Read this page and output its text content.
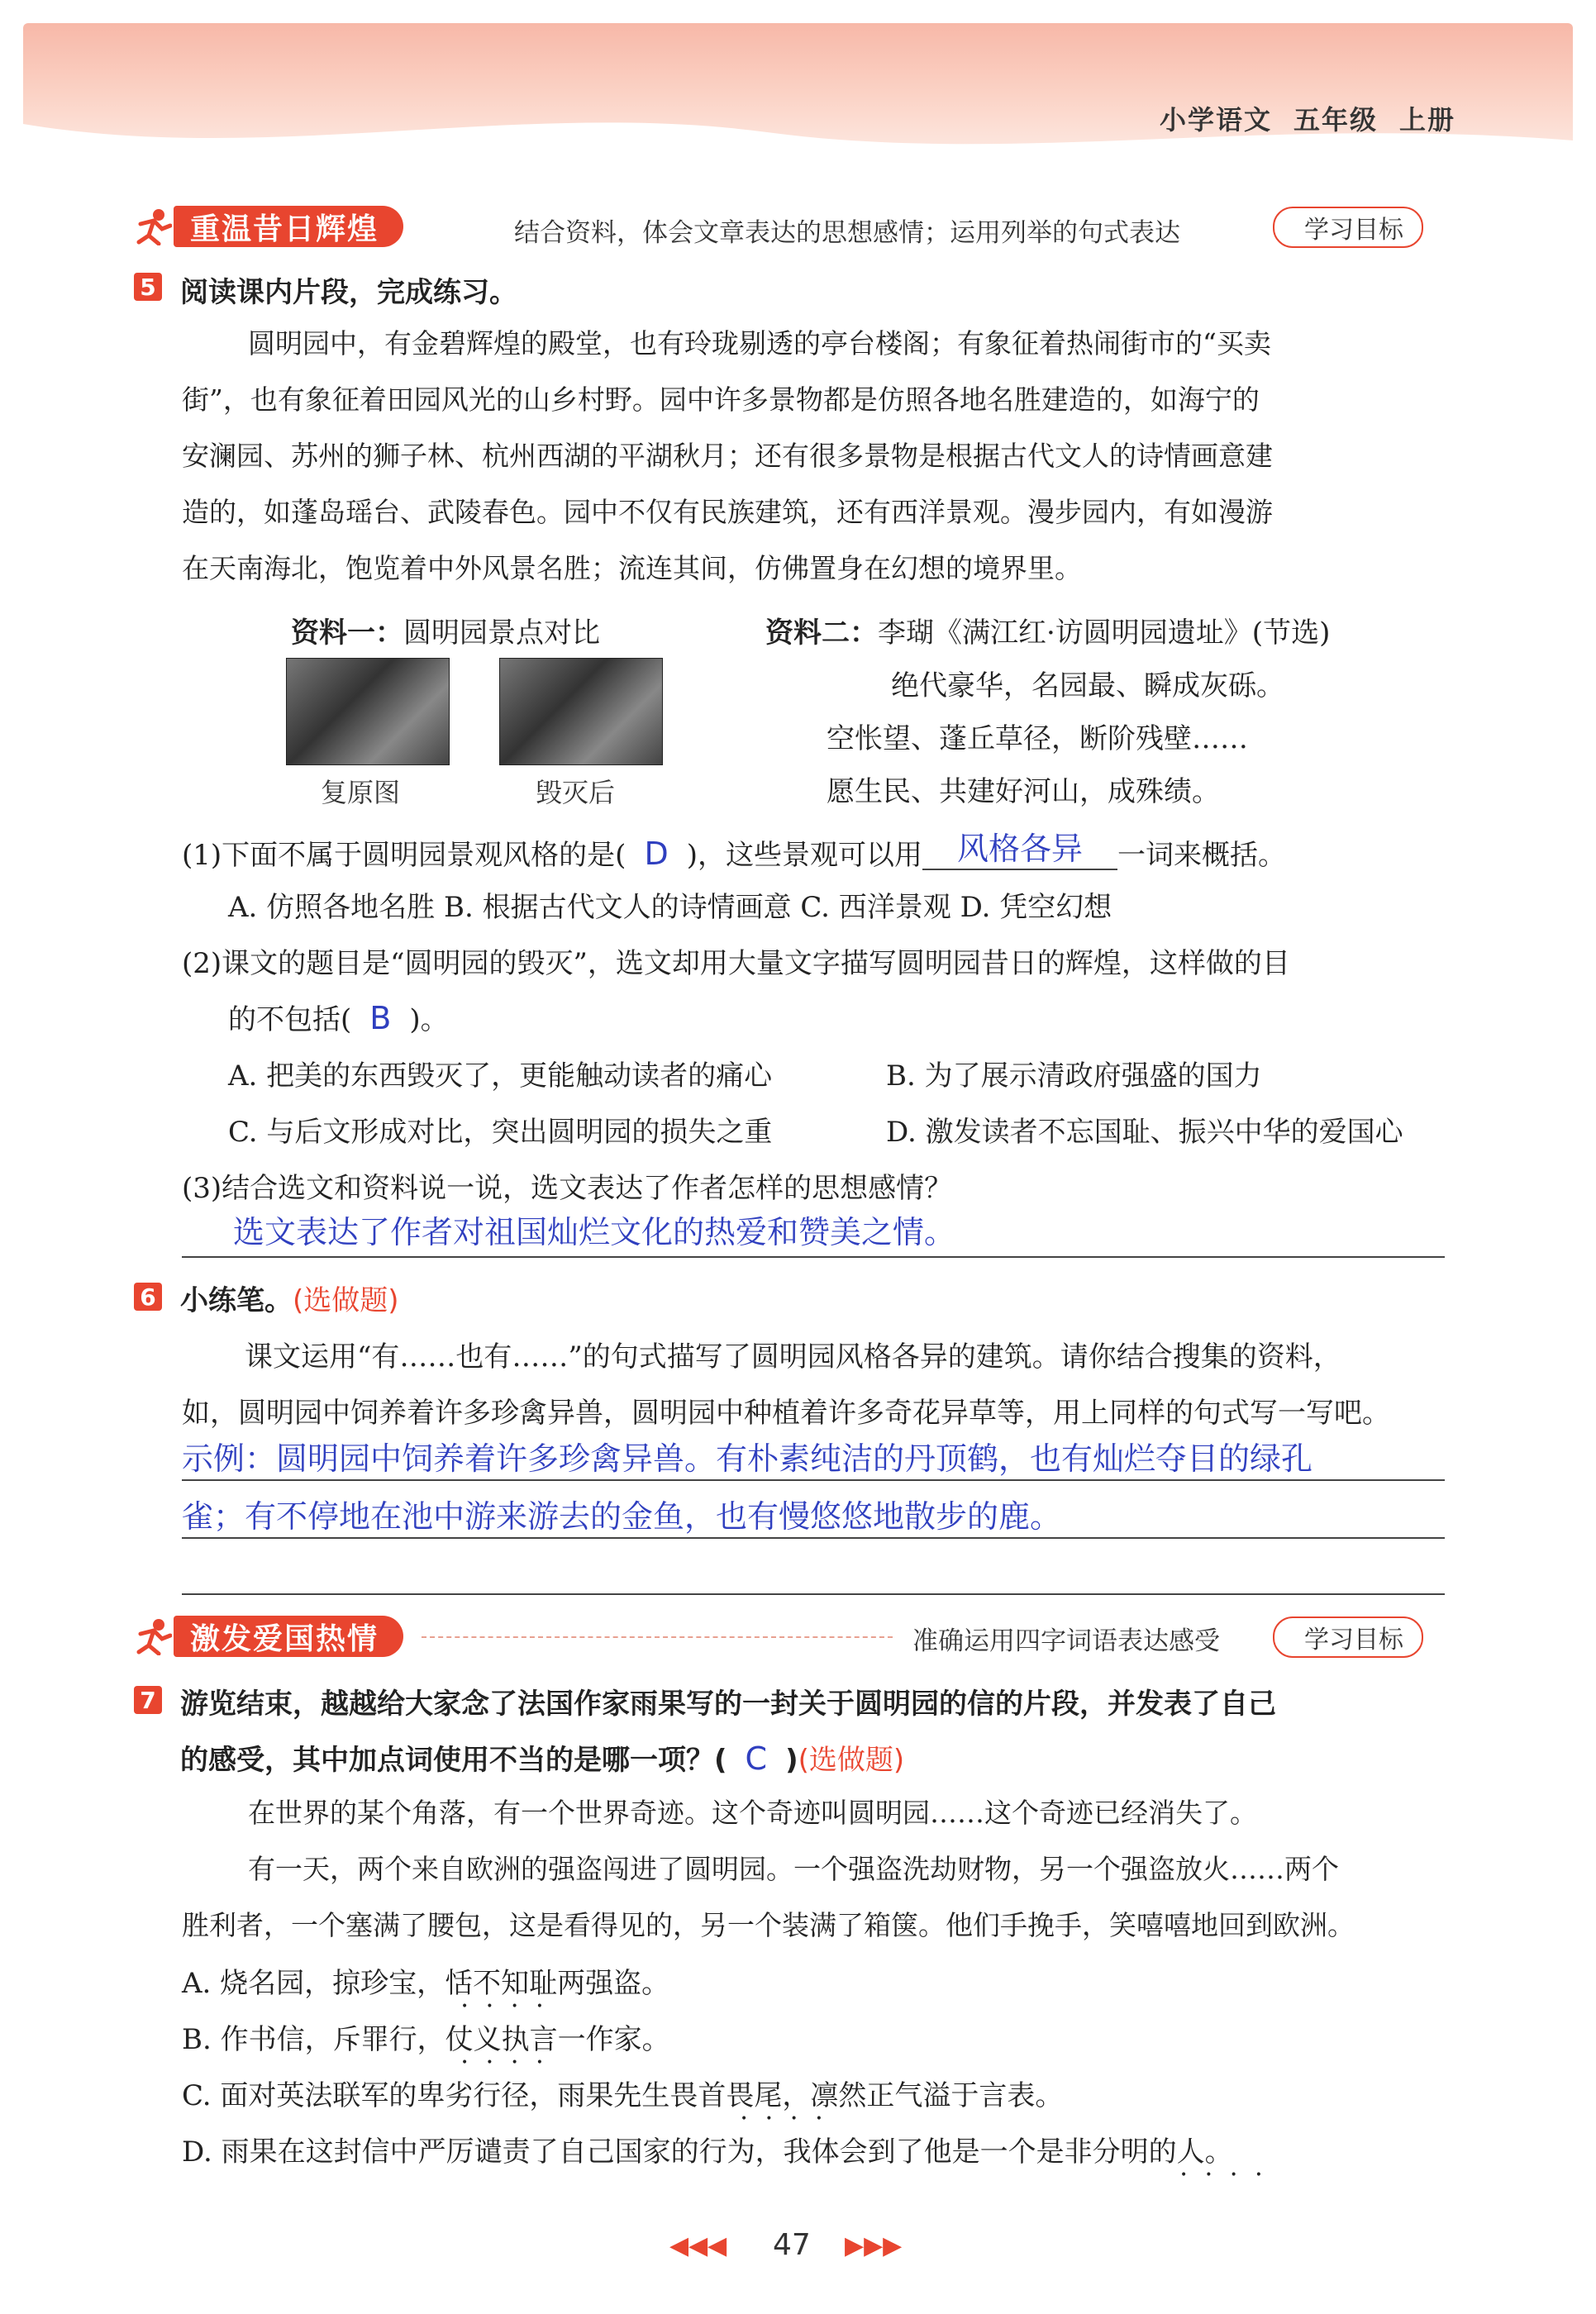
小学语文 五年级 上册
重温昔日辉煌	结合资料，体会文章表达的思想感情；运用列举的句式表达	学习目标
5 阅读课内片段，完成练习。
圆明园中，有金碧辉煌的殿堂，也有玲珑剔透的亭台楼阁；有象征着热闹街市的“买卖
街”，也有象征着田园风光的山乡村野。园中许多景物都是仿照各地名胜建造的，如海宁的
安澜园、苏州的狮子林、杭州西湖的平湖秋月；还有很多景物是根据古代文人的诗情画意建
造的，如蓬岛瑶台、武陵春色。园中不仅有民族建筑，还有西洋景观。漫步园内，有如漫游
在天南海北，饱览着中外风景名胜；流连其间，仿佛置身在幻想的境界里。
资料一：圆明园景点对比
复原图	毁灭后
资料二：李瑚《满江红·访圆明园遗址》(节选)
绝代豪华，名园最、瞬成灰砾。
空怅望、蓬丘草径，断阶残壁……
愿生民、共建好河山，成殊绩。
(1)下面不属于圆明园景观风格的是( D )，这些景观可以用 风格各异 一词来概括。
A. 仿照各地名胜 B. 根据古代文人的诗情画意 C. 西洋景观 D. 凭空幻想
(2)课文的题目是“圆明园的毁灭”，选文却用大量文字描写圆明园昔日的辉煌，这样做的目
的不包括( B )。
A. 把美的东西毁灭了，更能触动读者的痛心	B. 为了展示清政府强盛的国力
C. 与后文形成对比，突出圆明园的损失之重	D. 激发读者不忘国耻、振兴中华的爱国心
(3)结合选文和资料说一说，选文表达了作者怎样的思想感情？
选文表达了作者对祖国灿烂文化的热爱和赞美之情。
6 小练笔。(选做题)
课文运用“有……也有……”的句式描写了圆明园风格各异的建筑。请你结合搜集的资料，
如，圆明园中饲养着许多珍禽异兽，圆明园中种植着许多奇花异草等，用上同样的句式写一写吧。
示例：圆明园中饲养着许多珍禽异兽。有朴素纯洁的丹顶鹤，也有灿烂夺目的绿孔
雀；有不停地在池中游来游去的金鱼，也有慢悠悠地散步的鹿。
激发爱国热情	准确运用四字词语表达感受	学习目标
7 游览结束，越越给大家念了法国作家雨果写的一封关于圆明园的信的片段，并发表了自己
的感受，其中加点词使用不当的是哪一项？( C )(选做题)
在世界的某个角落，有一个世界奇迹。这个奇迹叫圆明园……这个奇迹已经消失了。
有一天，两个来自欧洲的强盗闯进了圆明园。一个强盗洗劫财物，另一个强盗放火……两个
胜利者，一个塞满了腰包，这是看得见的，另一个装满了箱箧。他们手挽手，笑嘻嘻地回到欧洲。
A. 烧名园，掠珍宝，恬不知耻两强盗。
B. 作书信，斥罪行，仗义执言一作家。
C. 面对英法联军的卑劣行径，雨果先生畏首畏尾，凛然正气溢于言表。
D. 雨果在这封信中严厉谴责了自己国家的行为，我体会到了他是一个是非分明的人。
••••
••••
••••
••••
◀◀◀ 47 ▶▶▶
